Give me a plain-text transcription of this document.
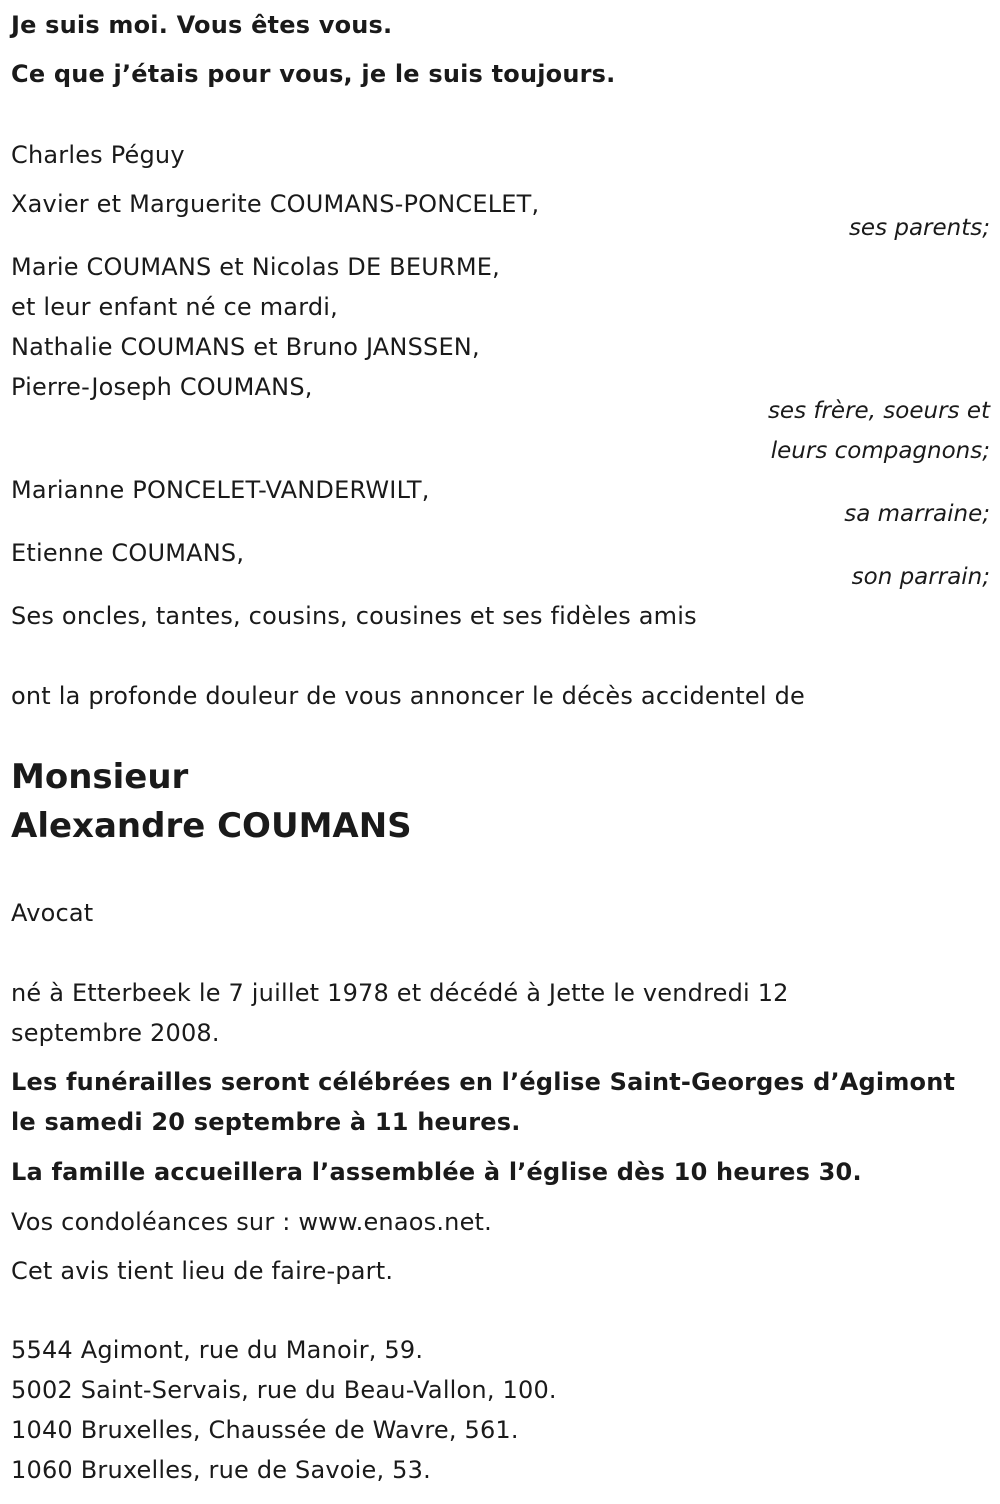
Je suis moi. Vous êtes vous.
Ce que j’étais pour vous, je le suis toujours.
Charles Péguy
Xavier et Marguerite COUMANS-PONCELET,
ses parents;
Marie COUMANS et Nicolas DE BEURME,
et leur enfant né ce mardi,
Nathalie COUMANS et Bruno JANSSEN,
Pierre-Joseph COUMANS,
ses frère, soeurs et
leurs compagnons;
Marianne PONCELET-VANDERWILT,
sa marraine;
Etienne COUMANS,
son parrain;
Ses oncles, tantes, cousins, cousines et ses fidèles amis
ont la profonde douleur de vous annoncer le décès accidentel de
Monsieur
Alexandre COUMANS
Avocat
né à Etterbeek le 7 juillet 1978 et décédé à Jette le vendredi 12
septembre 2008.
Les funérailles seront célébrées en l’église Saint-Georges d’Agimont
le samedi 20 septembre à 11 heures.
La famille accueillera l’assemblée à l’église dès 10 heures 30.
Vos condoléances sur : www.enaos.net.
Cet avis tient lieu de faire-part.
5544 Agimont, rue du Manoir, 59.
5002 Saint-Servais, rue du Beau-Vallon, 100.
1040 Bruxelles, Chaussée de Wavre, 561.
1060 Bruxelles, rue de Savoie, 53.
